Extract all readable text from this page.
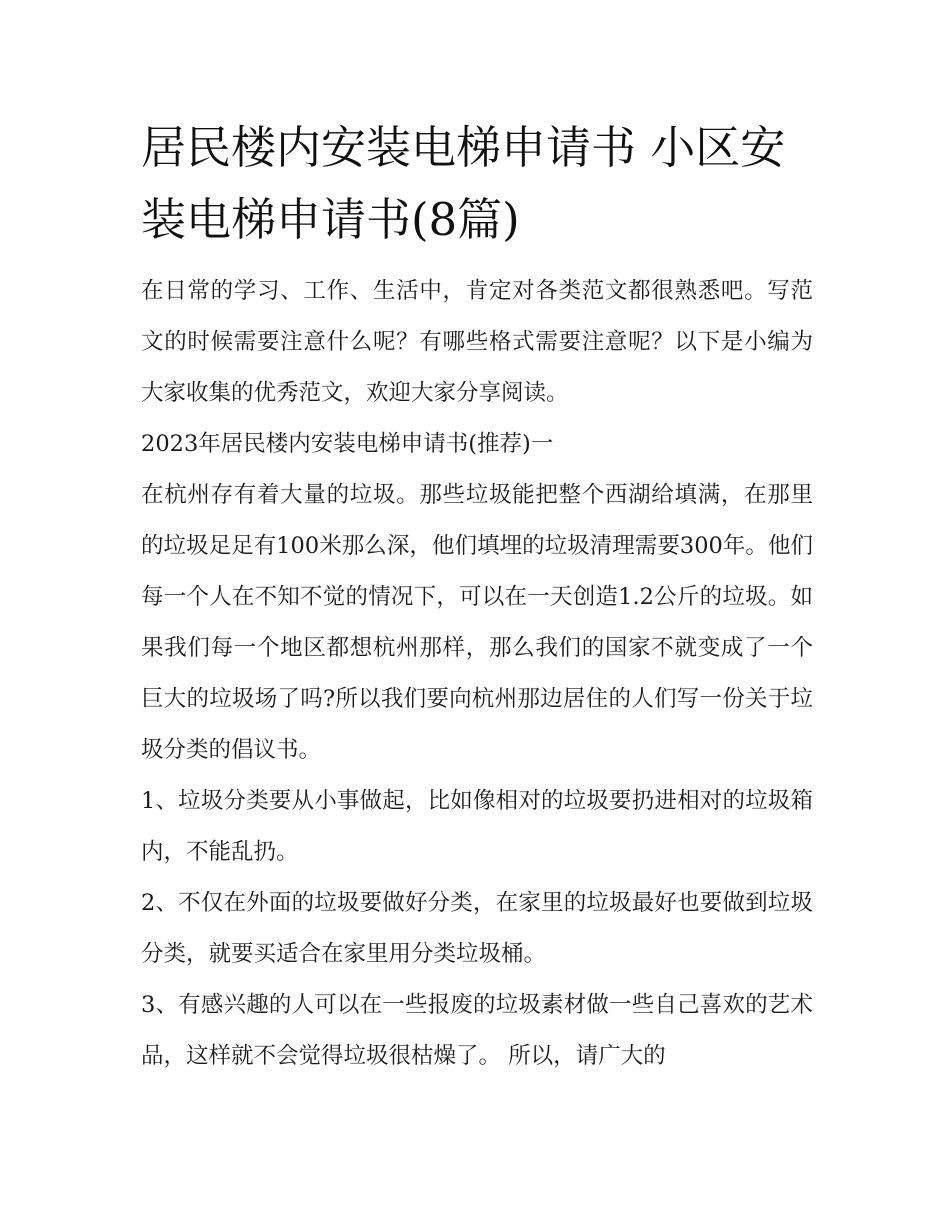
居民楼内安装电梯申请书 小区安装电梯申请书(8篇)

在日常的学习、工作、生活中，肯定对各类范文都很熟悉吧。写范文的时候需要注意什么呢？有哪些格式需要注意呢？以下是小编为大家收集的优秀范文，欢迎大家分享阅读。

2023年居民楼内安装电梯申请书(推荐)一

在杭州存有着大量的垃圾。那些垃圾能把整个西湖给填满，在那里的垃圾足足有100米那么深，他们填埋的垃圾清理需要300年。他们每一个人在不知不觉的情况下，可以在一天创造1.2公斤的垃圾。如果我们每一个地区都想杭州那样，那么我们的国家不就变成了一个巨大的垃圾场了吗?所以我们要向杭州那边居住的人们写一份关于垃圾分类的倡议书。

1、垃圾分类要从小事做起，比如像相对的垃圾要扔进相对的垃圾箱内，不能乱扔。

2、不仅在外面的垃圾要做好分类，在家里的垃圾最好也要做到垃圾分类，就要买适合在家里用分类垃圾桶。

3、有感兴趣的人可以在一些报废的垃圾素材做一些自己喜欢的艺术品，这样就不会觉得垃圾很枯燥了。 所以，请广大的
